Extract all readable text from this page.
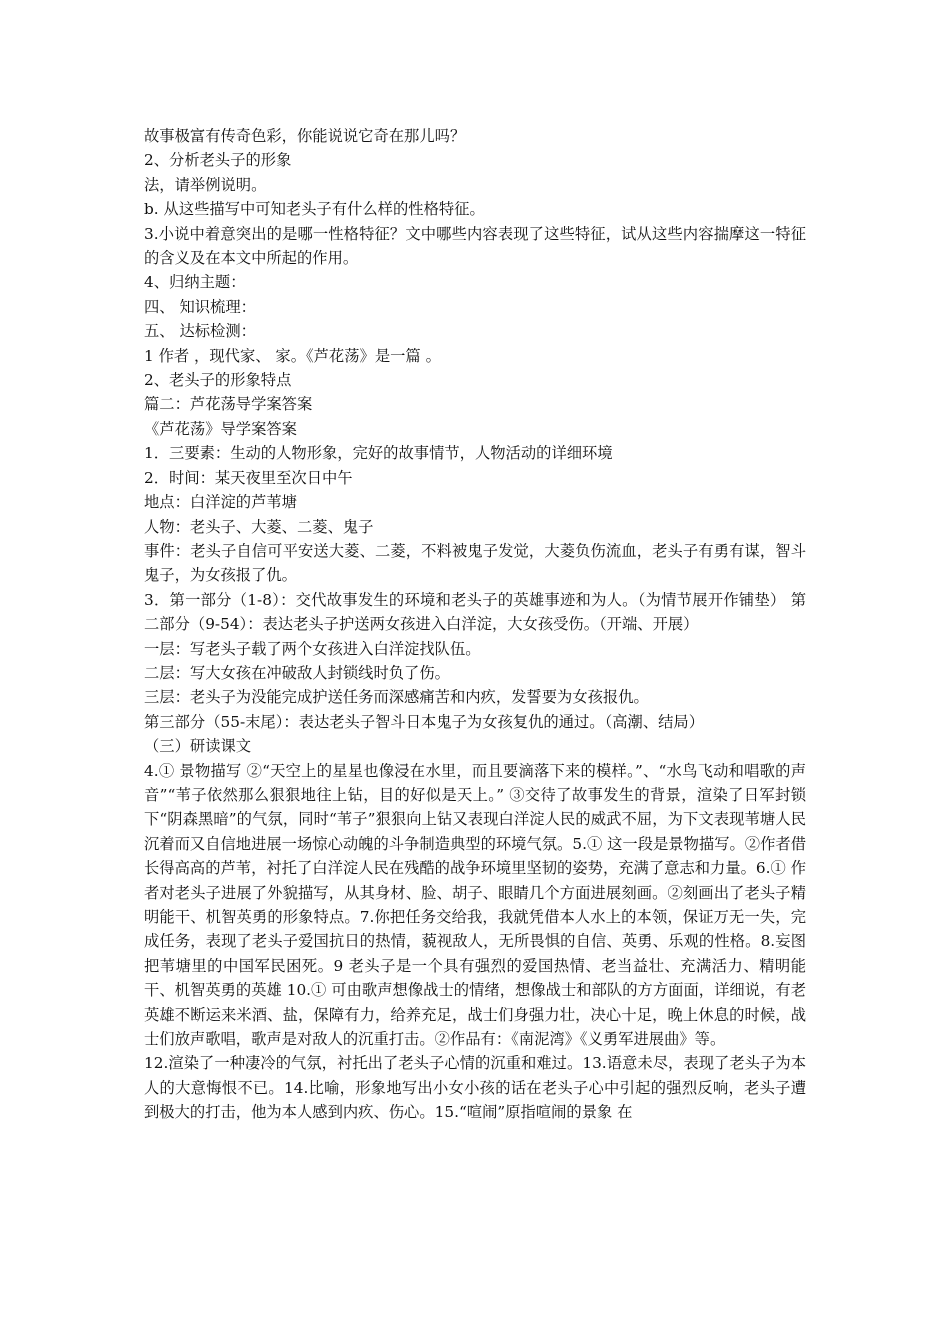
故事极富有传奇色彩，你能说说它奇在那儿吗？

2、分析老头子的形象

法，请举例说明。

b. 从这些描写中可知老头子有什么样的性格特征。

3.小说中着意突出的是哪一性格特征？文中哪些内容表现了这些特征，试从这些内容揣摩这一特征的含义及在本文中所起的作用。

4、归纳主题：

四、 知识梳理：

五、 达标检测：

1 作者 ，现代家、 家。《芦花荡》是一篇 。

2、老头子的形象特点

篇二：芦花荡导学案答案

《芦花荡》导学案答案

1．三要素：生动的人物形象，完好的故事情节，人物活动的详细环境

2．时间：某天夜里至次日中午

地点：白洋淀的芦苇塘

人物：老头子、大菱、二菱、鬼子

事件：老头子自信可平安送大菱、二菱，不料被鬼子发觉，大菱负伤流血，老头子有勇有谋，智斗鬼子，为女孩报了仇。

3．第一部分（1-8）：交代故事发生的环境和老头子的英雄事迹和为人。（为情节展开作铺垫） 第二部分（9-54）：表达老头子护送两女孩进入白洋淀，大女孩受伤。（开端、开展）

一层：写老头子载了两个女孩进入白洋淀找队伍。

二层：写大女孩在冲破敌人封锁线时负了伤。

三层：老头子为没能完成护送任务而深感痛苦和内疚，发誓要为女孩报仇。

第三部分（55-末尾）：表达老头子智斗日本鬼子为女孩复仇的通过。（高潮、结局）

（三）研读课文

4.① 景物描写 ②“天空上的星星也像浸在水里，而且要滴落下来的模样。”、“水鸟飞动和唱歌的声音”“苇子依然那么狠狠地往上钻，目的好似是天上。” ③交待了故事发生的背景，渲染了日军封锁下“阴森黑暗”的气氛，同时“苇子”狠狠向上钻又表现白洋淀人民的威武不屈，为下文表现苇塘人民沉着而又自信地进展一场惊心动魄的斗争制造典型的环境气氛。5.① 这一段是景物描写。②作者借长得高高的芦苇，衬托了白洋淀人民在残酷的战争环境里坚韧的姿势，充满了意志和力量。6.① 作者对老头子进展了外貌描写，从其身材、脸、胡子、眼睛几个方面进展刻画。②刻画出了老头子精明能干、机智英勇的形象特点。7.你把任务交给我，我就凭借本人水上的本领，保证万无一失，完成任务，表现了老头子爱国抗日的热情，藐视敌人，无所畏惧的自信、英勇、乐观的性格。8.妄图把苇塘里的中国军民困死。9 老头子是一个具有强烈的爱国热情、老当益壮、充满活力、精明能干、机智英勇的英雄 10.① 可由歌声想像战士的情绪，想像战士和部队的方方面面，详细说，有老英雄不断运来米酒、盐，保障有力，给养充足，战士们身强力壮，决心十足，晚上休息的时候，战士们放声歌唱，歌声是对敌人的沉重打击。②作品有：《南泥湾》《义勇军进展曲》等。

12.渲染了一种凄冷的气氛，衬托出了老头子心情的沉重和难过。13.语意未尽，表现了老头子为本人的大意悔恨不已。14.比喻，形象地写出小女小孩的话在老头子心中引起的强烈反响，老头子遭到极大的打击，他为本人感到内疚、伤心。15.“喧闹”原指喧闹的景象 在
